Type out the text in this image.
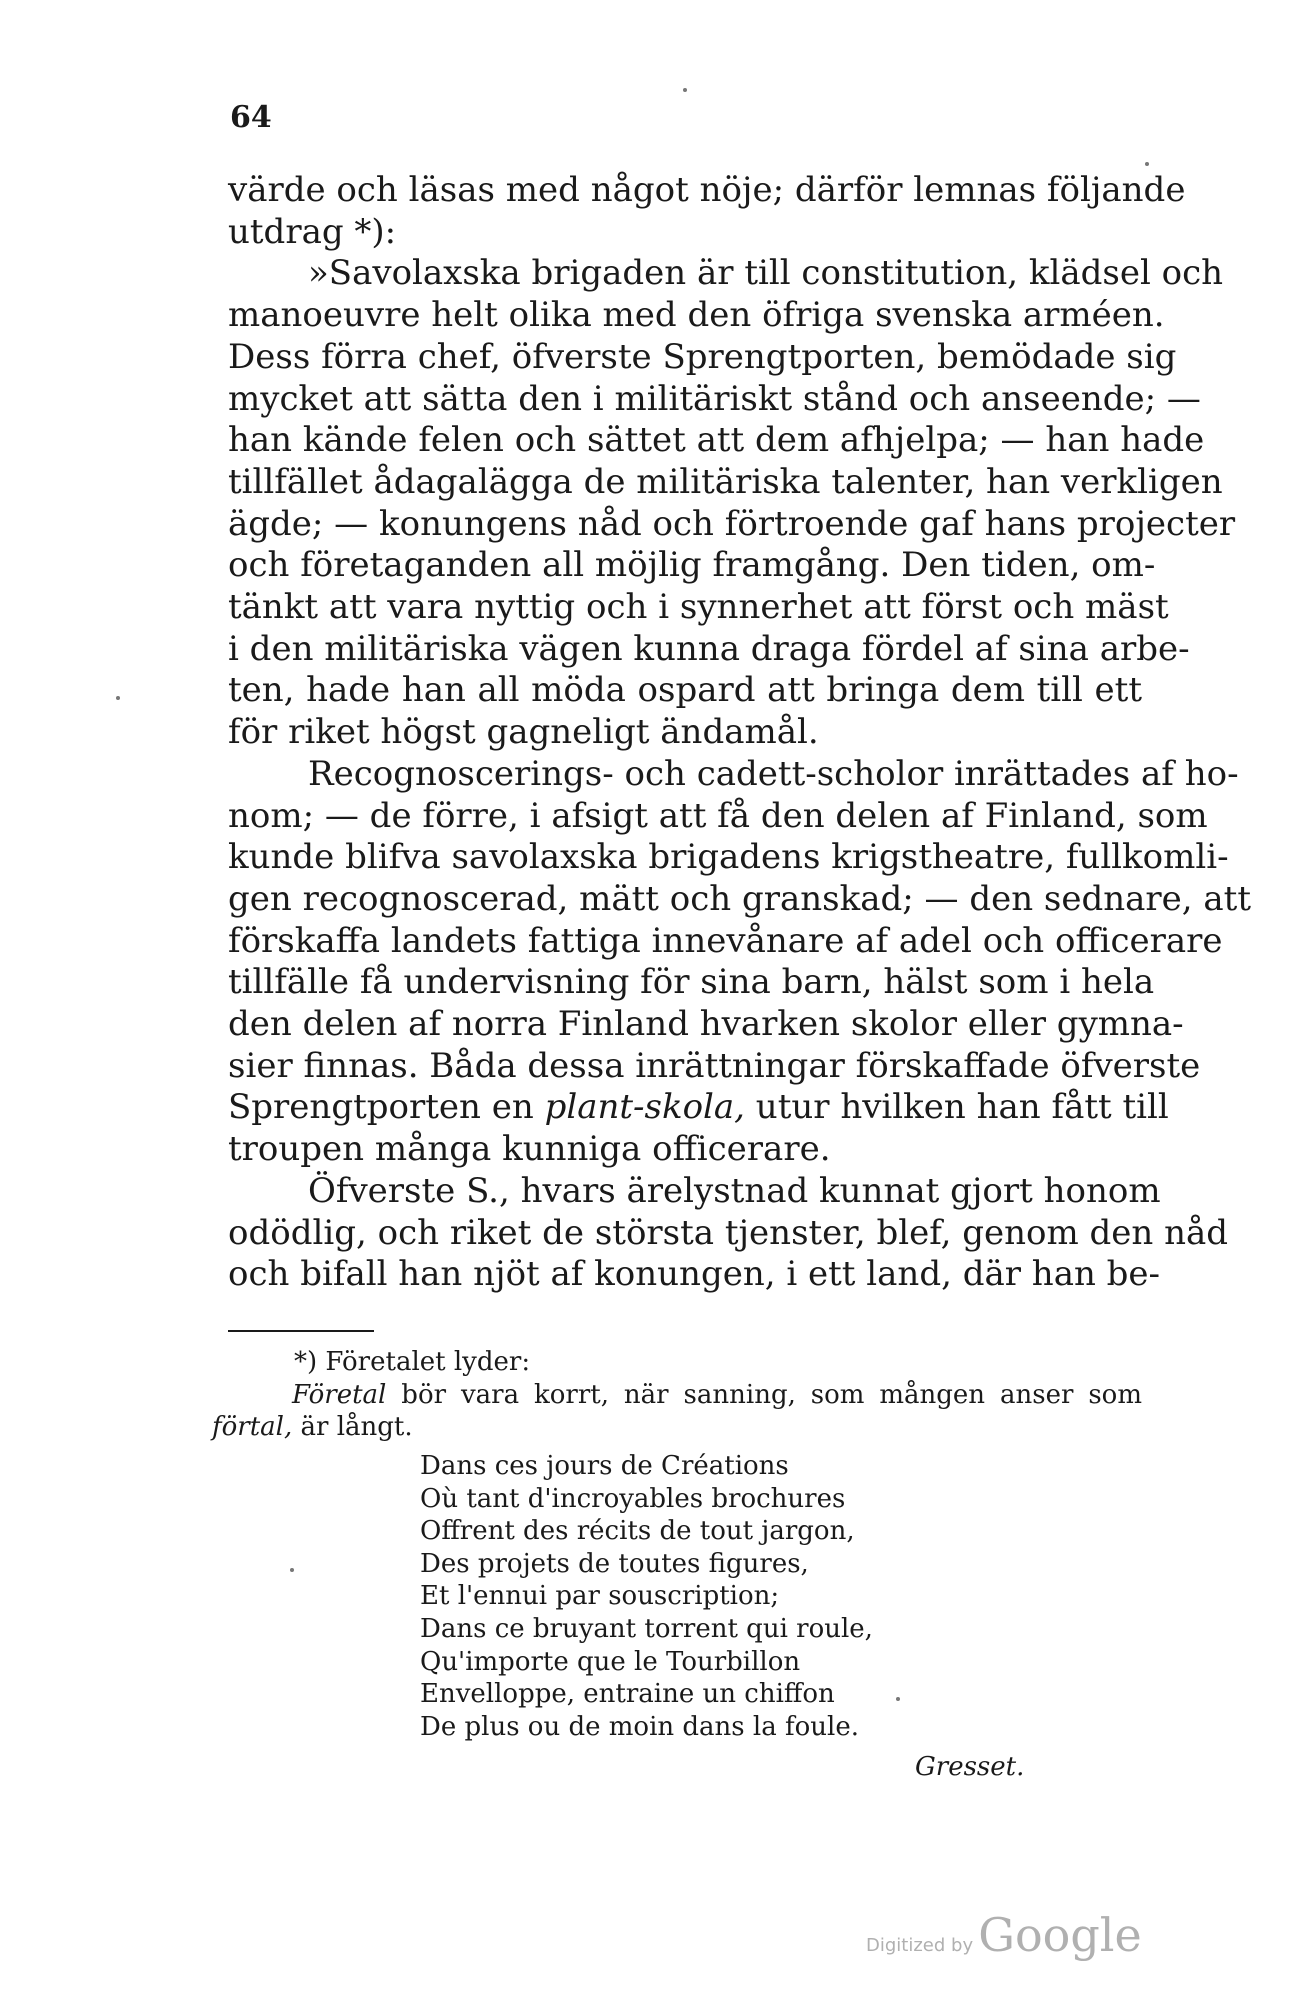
64
värde och läsas med något nöje; därför lemnas följande
utdrag *):
»Savolaxska brigaden är till constitution, klädsel och
manoeuvre helt olika med den öfriga svenska arméen.
Dess förra chef, öfverste Sprengtporten, bemödade sig
mycket att sätta den i militäriskt stånd och anseende; —
han kände felen och sättet att dem afhjelpa; — han hade
tillfället ådagalägga de militäriska talenter, han verkligen
ägde; — konungens nåd och förtroende gaf hans projecter
och företaganden all möjlig framgång. Den tiden, om-
tänkt att vara nyttig och i synnerhet att först och mäst
i den militäriska vägen kunna draga fördel af sina arbe-
ten, hade han all möda ospard att bringa dem till ett
för riket högst gagneligt ändamål.
Recognoscerings- och cadett-scholor inrättades af ho-
nom; — de förre, i afsigt att få den delen af Finland, som
kunde blifva savolaxska brigadens krigstheatre, fullkomli-
gen recognoscerad, mätt och granskad; — den sednare, att
förskaffa landets fattiga innevånare af adel och officerare
tillfälle få undervisning för sina barn, hälst som i hela
den delen af norra Finland hvarken skolor eller gymna-
sier finnas. Båda dessa inrättningar förskaffade öfverste
Sprengtporten en plant-skola, utur hvilken han fått till
troupen många kunniga officerare.
Öfverste S., hvars ärelystnad kunnat gjort honom
odödlig, och riket de största tjenster, blef, genom den nåd
och bifall han njöt af konungen, i ett land, där han be-
*) Företalet lyder:
Företal bör vara korrt, när sanning, som mången anser som
förtal, är långt.
Dans ces jours de Créations
Où tant d'incroyables brochures
Offrent des récits de tout jargon,
Des projets de toutes figures,
Et l'ennui par souscription;
Dans ce bruyant torrent qui roule,
Qu'importe que le Tourbillon
Envelloppe, entraine un chiffon
De plus ou de moin dans la foule.
Gresset.
Digitized by Google
